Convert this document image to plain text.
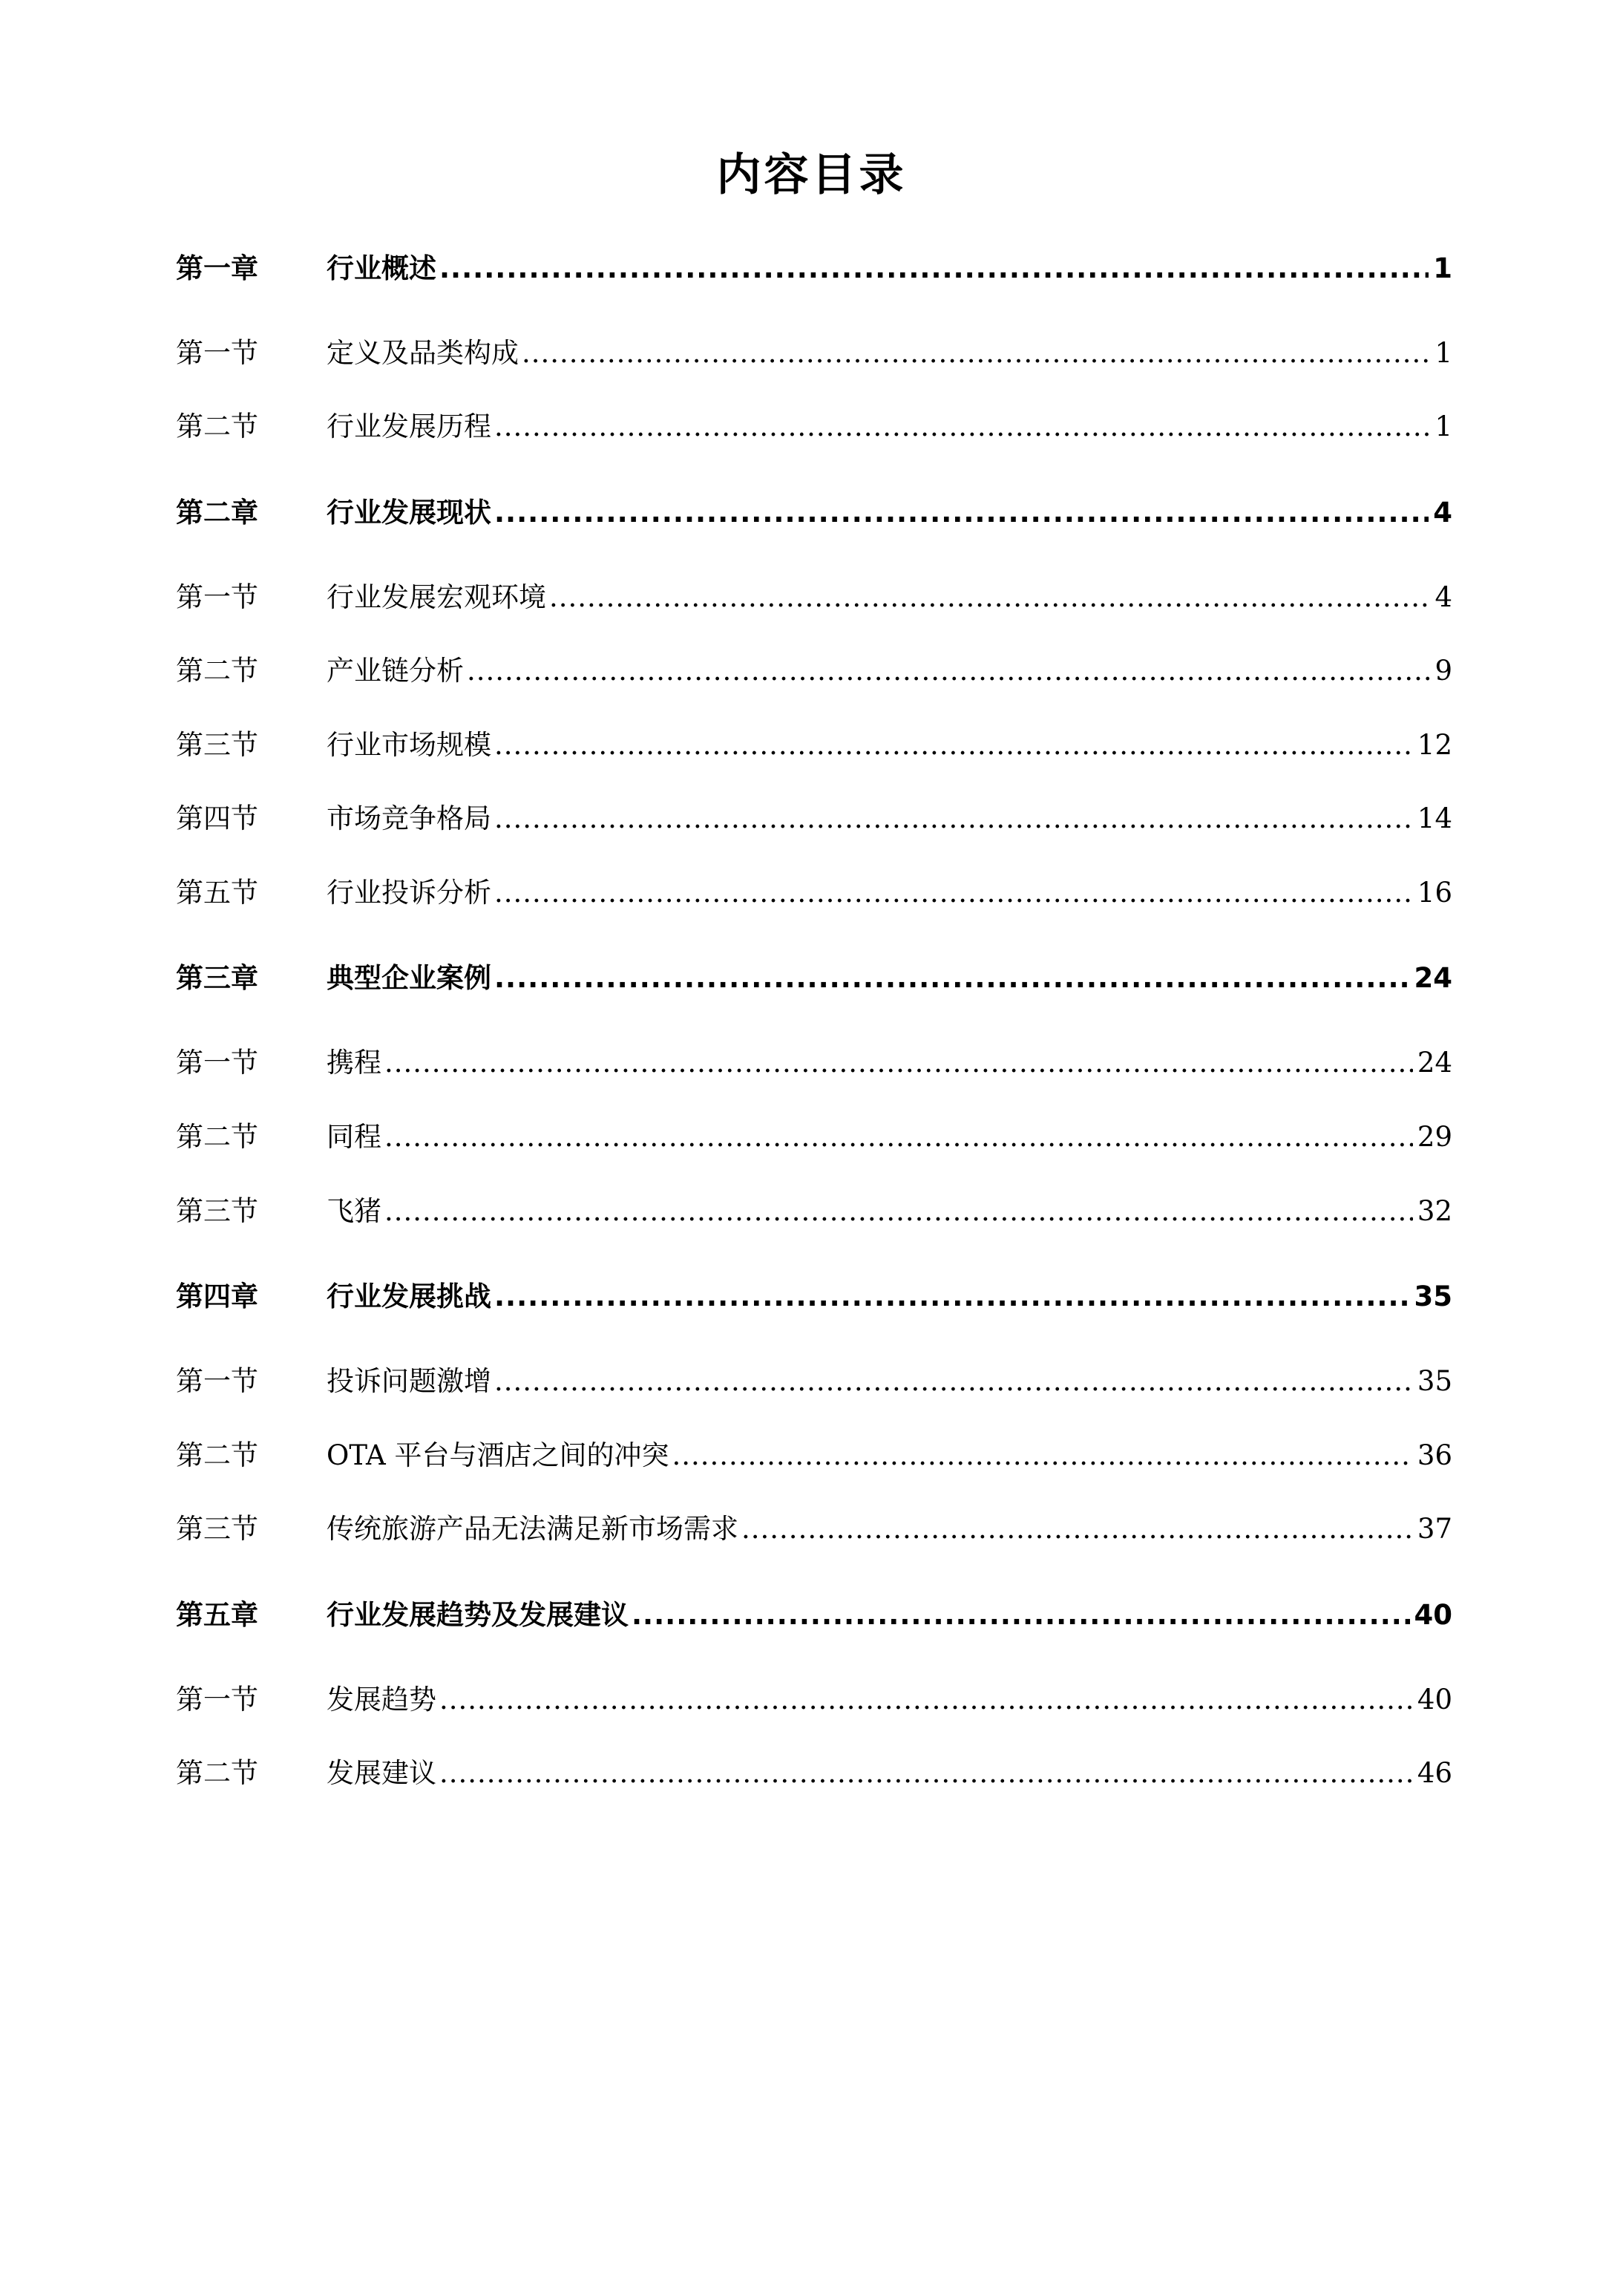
内容目录
第一章	行业概述 .....	1
第一节	定义及品类构成 .....	1
第二节	行业发展历程 .....	1
第二章	行业发展现状 .....	4
第一节	行业发展宏观环境 .....	4
第二节	产业链分析 .....	9
第三节	行业市场规模 .....	12
第四节	市场竞争格局 .....	14
第五节	行业投诉分析 .....	16
第三章	典型企业案例 .....	24
第一节	携程 .....	24
第二节	同程 .....	29
第三节	飞猪 .....	32
第四章	行业发展挑战 .....	35
第一节	投诉问题激增 .....	35
第二节	OTA 平台与酒店之间的冲突 .....	36
第三节	传统旅游产品无法满足新市场需求 .....	37
第五章	行业发展趋势及发展建议 .....	40
第一节	发展趋势 .....	40
第二节	发展建议 .....	46
